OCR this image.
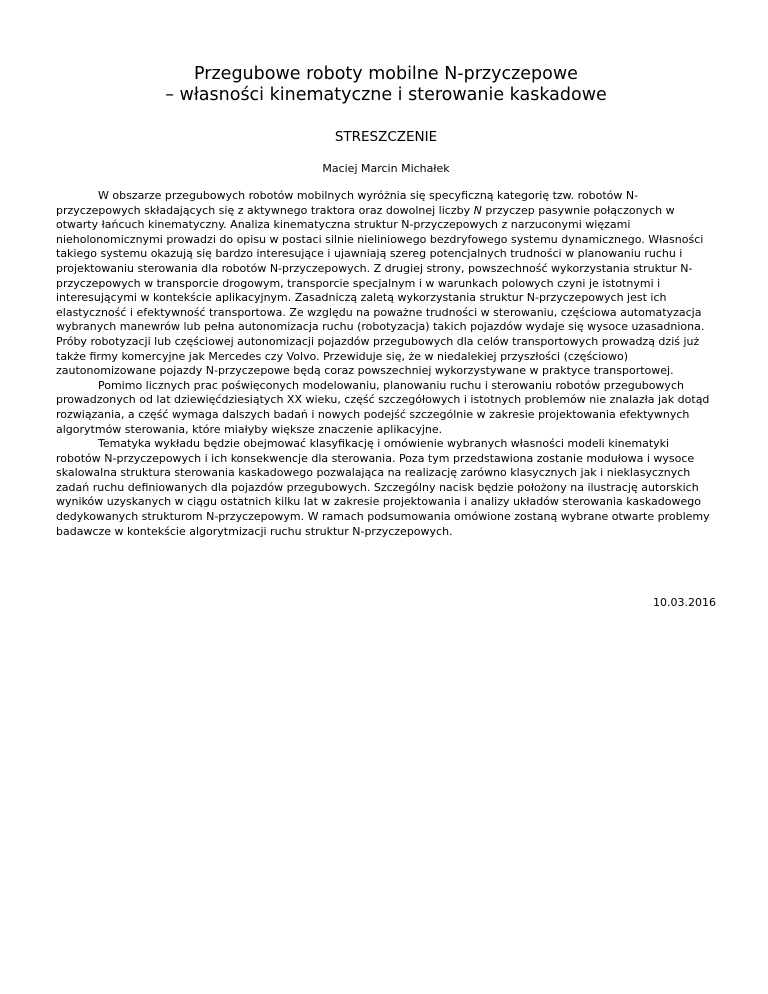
Przegubowe roboty mobilne N-przyczepowe
– własności kinematyczne i sterowanie kaskadowe
STRESZCZENIE
Maciej Marcin Michałek

W obszarze przegubowych robotów mobilnych wyróżnia się specyficzną kategorię tzw. robotów N-przyczepowych składających się z aktywnego traktora oraz dowolnej liczby N przyczep pasywnie połączonych w otwarty łańcuch kinematyczny. Analiza kinematyczna struktur N-przyczepowych z narzuconymi więzami nieholonomicznymi prowadzi do opisu w postaci silnie nieliniowego bezdryfowego systemu dynamicznego. Własności takiego systemu okazują się bardzo interesujące i ujawniają szereg potencjalnych trudności w planowaniu ruchu i projektowaniu sterowania dla robotów N-przyczepowych. Z drugiej strony, powszechność wykorzystania struktur N-przyczepowych w transporcie drogowym, transporcie specjalnym i w warunkach polowych czyni je istotnymi i interesującymi w kontekście aplikacyjnym. Zasadniczą zaletą wykorzystania struktur N-przyczepowych jest ich elastyczność i efektywność transportowa. Ze względu na poważne trudności w sterowaniu, częściowa automatyzacja wybranych manewrów lub pełna autonomizacja ruchu (robotyzacja) takich pojazdów wydaje się wysoce uzasadniona. Próby robotyzacji lub częściowej autonomizacji pojazdów przegubowych dla celów transportowych prowadzą dziś już także firmy komercyjne jak Mercedes czy Volvo. Przewiduje się, że w niedalekiej przyszłości (częściowo) zautonomizowane pojazdy N-przyczepowe będą coraz powszechniej wykorzystywane w praktyce transportowej.

Pomimo licznych prac poświęconych modelowaniu, planowaniu ruchu i sterowaniu robotów przegubowych prowadzonych od lat dziewięćdziesiątych XX wieku, część szczegółowych i istotnych problemów nie znalazła jak dotąd rozwiązania, a część wymaga dalszych badań i nowych podejść szczególnie w zakresie projektowania efektywnych algorytmów sterowania, które miałyby większe znaczenie aplikacyjne.

Tematyka wykładu będzie obejmować klasyfikację i omówienie wybranych własności modeli kinematyki robotów N-przyczepowych i ich konsekwencje dla sterowania. Poza tym przedstawiona zostanie modułowa i wysoce skalowalna struktura sterowania kaskadowego pozwalająca na realizację zarówno klasycznych jak i nieklasycznych zadań ruchu definiowanych dla pojazdów przegubowych. Szczególny nacisk będzie położony na ilustrację autorskich wyników uzyskanych w ciągu ostatnich kilku lat w zakresie projektowania i analizy układów sterowania kaskadowego dedykowanych strukturom N-przyczepowym. W ramach podsumowania omówione zostaną wybrane otwarte problemy badawcze w kontekście algorytmizacji ruchu struktur N-przyczepowych.

10.03.2016
